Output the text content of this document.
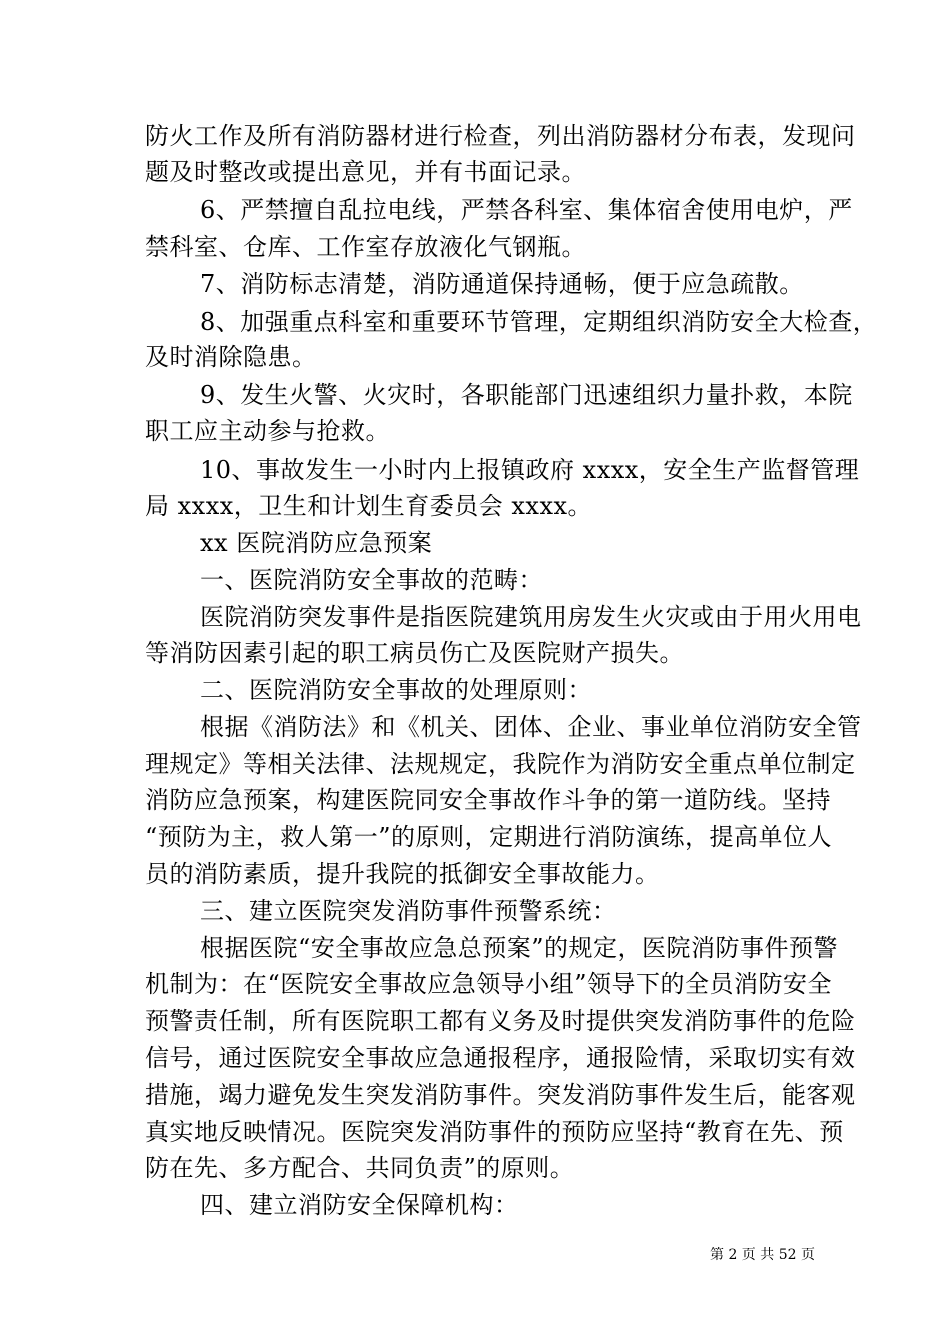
防火工作及所有消防器材进行检查，列出消防器材分布表，发现问
题及时整改或提出意见，并有书面记录。
6、严禁擅自乱拉电线，严禁各科室、集体宿舍使用电炉，严
禁科室、仓库、工作室存放液化气钢瓶。
7、消防标志清楚，消防通道保持通畅，便于应急疏散。
8、加强重点科室和重要环节管理，定期组织消防安全大检查，
及时消除隐患。
9、发生火警、火灾时，各职能部门迅速组织力量扑救，本院
职工应主动参与抢救。
10、事故发生一小时内上报镇政府 xxxx，安全生产监督管理
局 xxxx，卫生和计划生育委员会 xxxx。
xx 医院消防应急预案
一、医院消防安全事故的范畴：
医院消防突发事件是指医院建筑用房发生火灾或由于用火用电
等消防因素引起的职工病员伤亡及医院财产损失。
二、医院消防安全事故的处理原则：
根据《消防法》和《机关、团体、企业、事业单位消防安全管
理规定》等相关法律、法规规定，我院作为消防安全重点单位制定
消防应急预案，构建医院同安全事故作斗争的第一道防线。坚持
“预防为主，救人第一”的原则，定期进行消防演练，提高单位人
员的消防素质，提升我院的抵御安全事故能力。
三、建立医院突发消防事件预警系统：
根据医院“安全事故应急总预案”的规定，医院消防事件预警
机制为：在“医院安全事故应急领导小组”领导下的全员消防安全
预警责任制，所有医院职工都有义务及时提供突发消防事件的危险
信号，通过医院安全事故应急通报程序，通报险情，采取切实有效
措施，竭力避免发生突发消防事件。突发消防事件发生后，能客观
真实地反映情况。医院突发消防事件的预防应坚持“教育在先、预
防在先、多方配合、共同负责”的原则。
四、建立消防安全保障机构：
第 2 页 共 52 页
